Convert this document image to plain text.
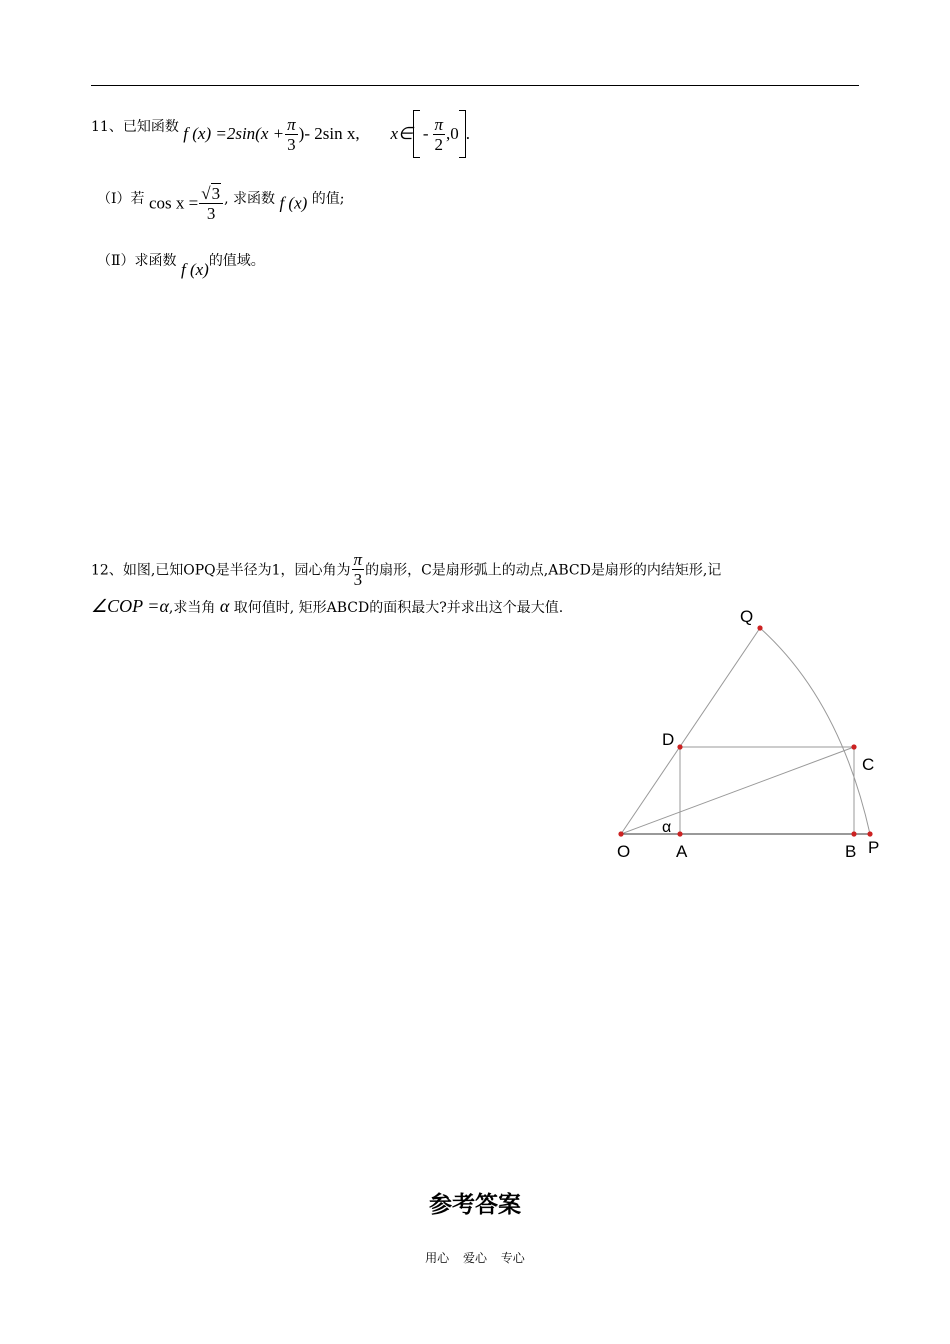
11、已知函数 f $(x) =2\sin(x + \frac{\pi}{3}$ )- 2sin x, x∈ - $\frac{\pi}{2} ,0$ .
（Ⅰ）若 $\cos x = \frac{√3}{3}$ , 求函数 f (x) 的值;
（Ⅱ）求函数 f (x)的值域。
12、如图,已知OPQ是半径为1，园心角为 $\frac{\pi}{3}$ 的扇形，C是扇形弧上的动点,ABCD是扇形的内结矩形,记
∠COP =α,求当角 α 取何值时, 矩形ABCD的面积最大?并求出这个最大值.	Q
D
C
O	A	B P
α
参考答案
用心 爱心 专心
